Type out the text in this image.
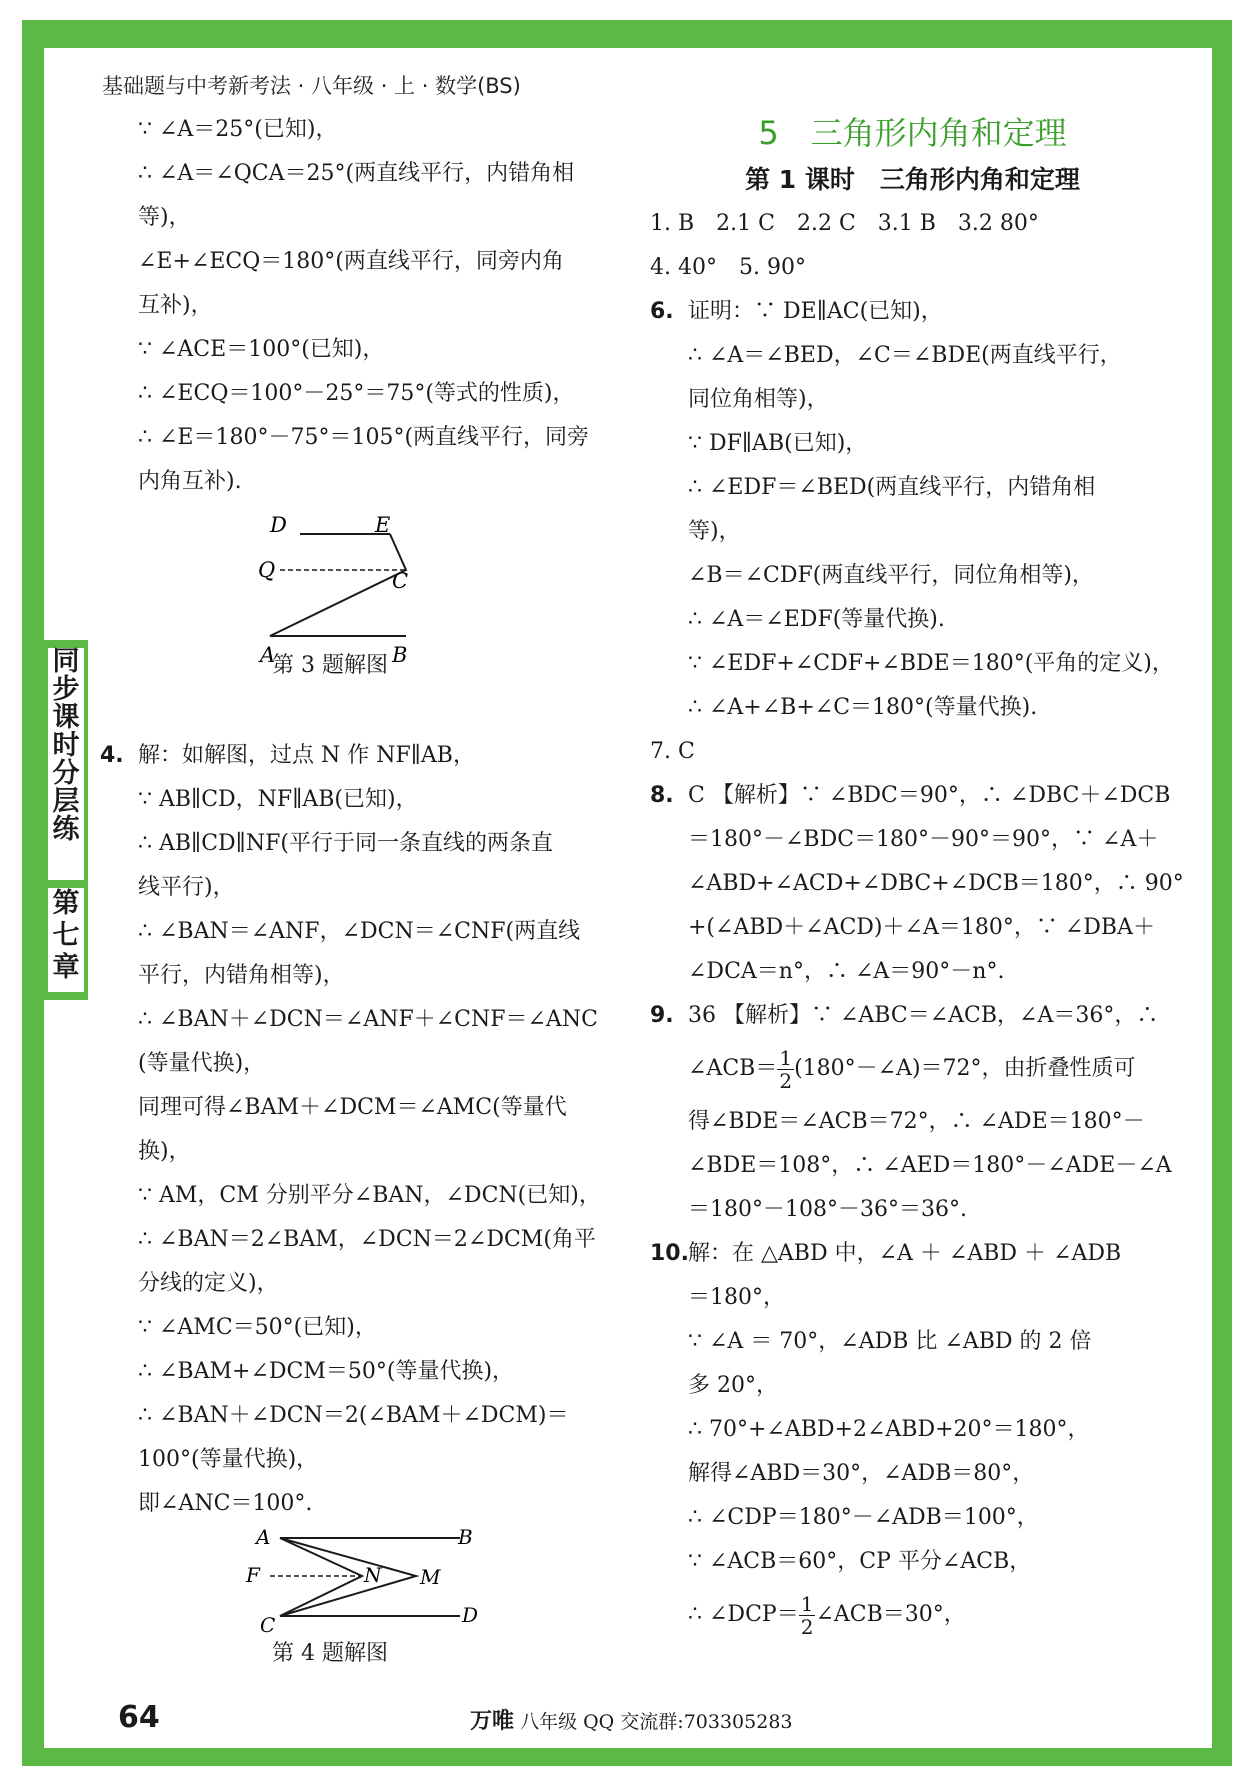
同步课时分层练
第七章
基础题与中考新考法 · 八年级 · 上 · 数学(BS)
∵ ∠A＝25°(已知)，
∴ ∠A＝∠QCA＝25°(两直线平行，内错角相
等)，
∠E+∠ECQ＝180°(两直线平行，同旁内角
互补)，
∵ ∠ACE＝100°(已知)，
∴ ∠ECQ＝100°－25°＝75°(等式的性质)，
∴ ∠E＝180°－75°＝105°(两直线平行，同旁
内角互补).
D	E
Q	C
A	B
第 3 题解图
4. 解：如解图，过点 N 作 NF∥AB，
∵ AB∥CD，NF∥AB(已知)，
∴ AB∥CD∥NF(平行于同一条直线的两条直
线平行)，
∴ ∠BAN＝∠ANF，∠DCN＝∠CNF(两直线
平行，内错角相等)，
∴ ∠BAN＋∠DCN＝∠ANF＋∠CNF＝∠ANC
(等量代换)，
同理可得∠BAM＋∠DCM＝∠AMC(等量代
换)，
∵ AM，CM 分别平分∠BAN，∠DCN(已知)，
∴ ∠BAN＝2∠BAM，∠DCN＝2∠DCM(角平
分线的定义)，
∵ ∠AMC＝50°(已知)，
∴ ∠BAM+∠DCM＝50°(等量代换)，
∴ ∠BAN＋∠DCN＝2(∠BAM＋∠DCM)＝
100°(等量代换)，
即∠ANC＝100°.
A	B
F	N M
C	D
第 4 题解图
5　三角形内角和定理
第 1 课时　三角形内角和定理
1. B　2.1 C　2.2 C　3.1 B　3.2 80°
4. 40°　5. 90°
6. 证明：∵ DE∥AC(已知)，
∴ ∠A＝∠BED，∠C＝∠BDE(两直线平行，
同位角相等)，
∵ DF∥AB(已知)，
∴ ∠EDF＝∠BED(两直线平行，内错角相
等)，
∠B＝∠CDF(两直线平行，同位角相等)，
∴ ∠A＝∠EDF(等量代换).
∵ ∠EDF+∠CDF+∠BDE＝180°(平角的定义)，
∴ ∠A+∠B+∠C＝180°(等量代换).
7. C
8. C 【解析】∵ ∠BDC＝90°，∴ ∠DBC＋∠DCB
＝180°－∠BDC＝180°－90°＝90°，∵ ∠A＋
∠ABD+∠ACD+∠DBC+∠DCB＝180°，∴ 90°
+(∠ABD＋∠ACD)＋∠A＝180°，∵ ∠DBA＋
∠DCA＝n°，∴ ∠A＝90°－n°.
9. 36 【解析】∵ ∠ABC＝∠ACB，∠A＝36°，∴
∠ACB＝ $\frac{1}{2}$ (180°－∠A)＝72°，由折叠性质可
得∠BDE＝∠ACB＝72°，∴ ∠ADE＝180°－
∠BDE＝108°，∴ ∠AED＝180°－∠ADE－∠A
＝180°－108°－36°＝36°.
10.解：在 △ABD 中，∠A ＋ ∠ABD ＋ ∠ADB
＝180°，
∵ ∠A ＝ 70°，∠ADB 比 ∠ABD 的 2 倍
多 20°，
∴ 70°+∠ABD+2∠ABD+20°＝180°，
解得∠ABD＝30°，∠ADB＝80°，
∴ ∠CDP＝180°－∠ADB＝100°，
∵ ∠ACB＝60°，CP 平分∠ACB，
∴ ∠DCP＝ $\frac{1}{2}$ ∠ACB＝30°，
64	万唯 八年级 QQ 交流群:703305283
